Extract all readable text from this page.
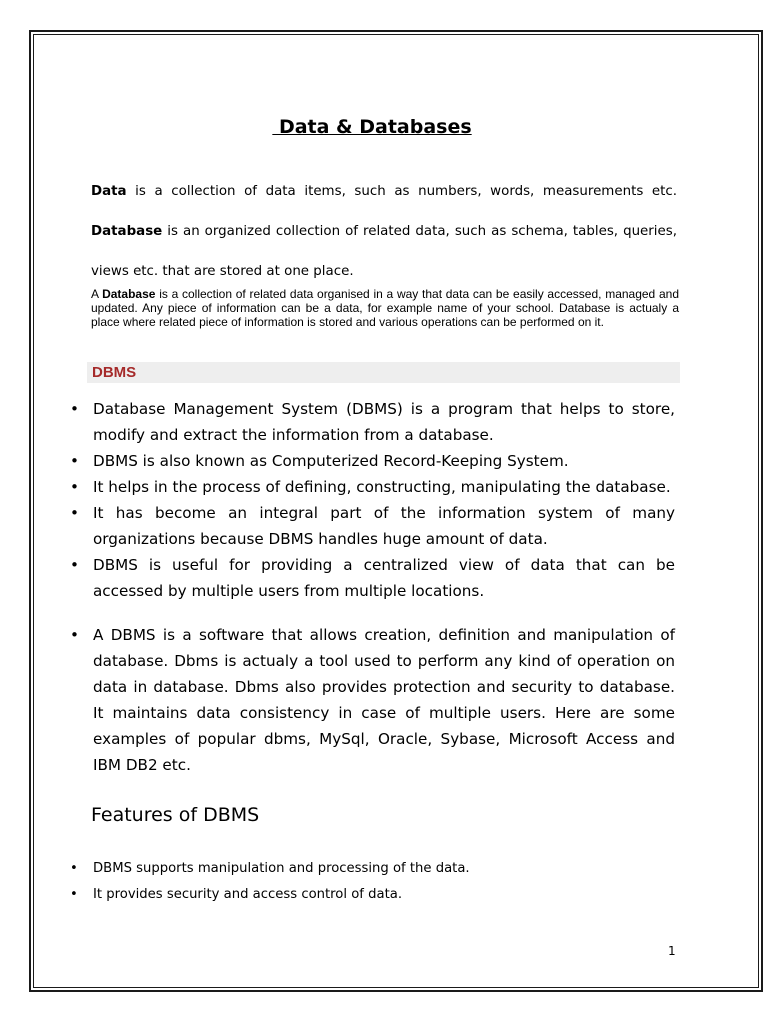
Data & Databases
Data is a collection of data items, such as numbers, words, measurements etc.
Database is an organized collection of related data, such as schema, tables, queries,
views etc. that are stored at one place.
A Database is a collection of related data organised in a way that data can be easily accessed, managed and updated. Any piece of information can be a data, for example name of your school. Database is actualy a place where related piece of information is stored and various operations can be performed on it.
DBMS
• Database Management System (DBMS) is a program that helps to store, modify and extract the information from a database.
• DBMS is also known as Computerized Record-Keeping System.
• It helps in the process of defining, constructing, manipulating the database.
• It has become an integral part of the information system of many organizations because DBMS handles huge amount of data.
• DBMS is useful for providing a centralized view of data that can be accessed by multiple users from multiple locations.
• A DBMS is a software that allows creation, definition and manipulation of database. Dbms is actualy a tool used to perform any kind of operation on data in database. Dbms also provides protection and security to database. It maintains data consistency in case of multiple users. Here are some examples of popular dbms, MySql, Oracle, Sybase, Microsoft Access and IBM DB2 etc.
Features of DBMS
• DBMS supports manipulation and processing of the data.
• It provides security and access control of data.
1
